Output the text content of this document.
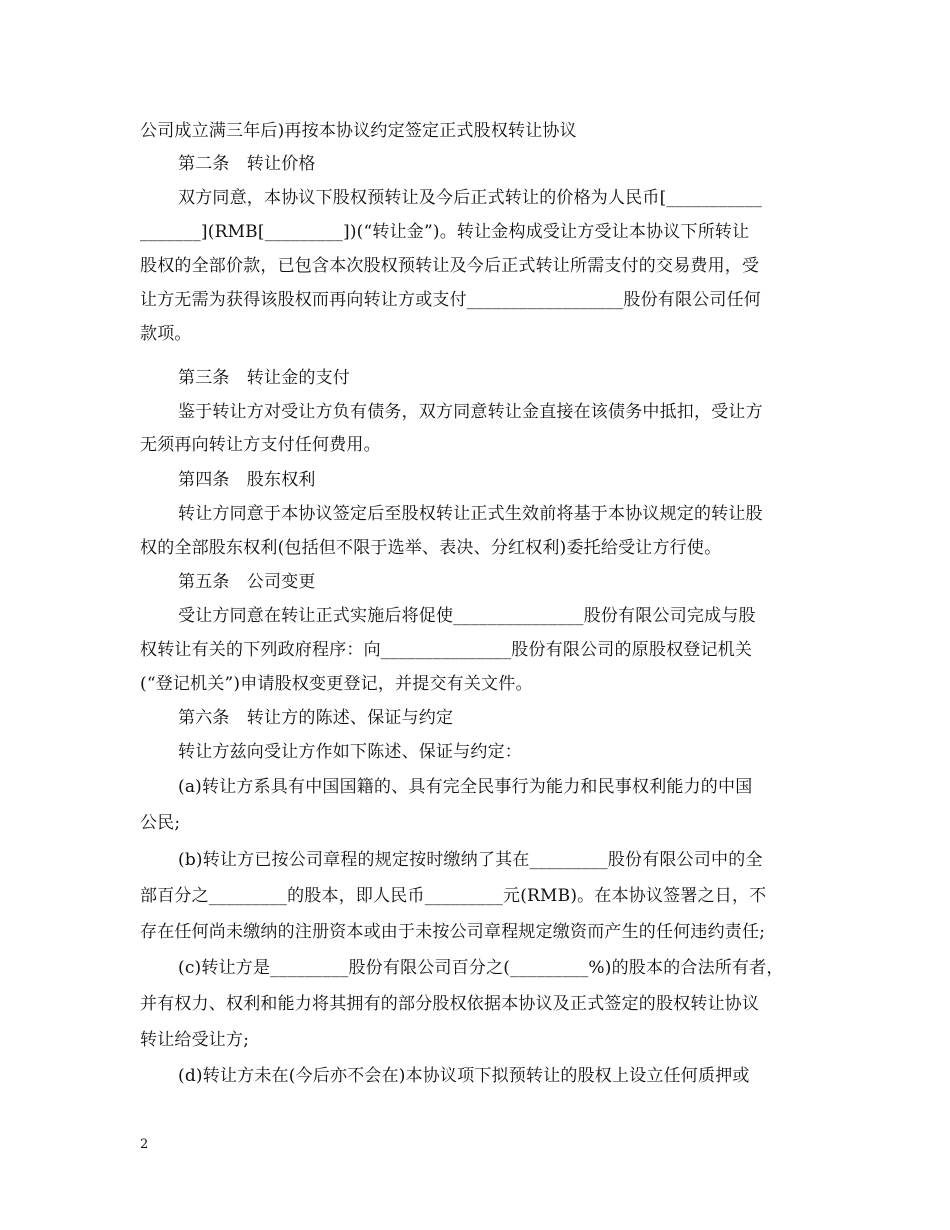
公司成立满三年后)再按本协议约定签定正式股权转让协议
第二条　转让价格
双方同意，本协议下股权预转让及今后正式转让的价格为人民币[___________
_______](RMB[_________])(“转让金”)。转让金构成受让方受让本协议下所转让
股权的全部价款，已包含本次股权预转让及今后正式转让所需支付的交易费用，受
让方无需为获得该股权而再向转让方或支付__________________股份有限公司任何
款项。
第三条　转让金的支付
鉴于转让方对受让方负有债务，双方同意转让金直接在该债务中抵扣，受让方
无须再向转让方支付任何费用。
第四条　股东权利
转让方同意于本协议签定后至股权转让正式生效前将基于本协议规定的转让股
权的全部股东权利(包括但不限于选举、表决、分红权利)委托给受让方行使。
第五条　公司变更
受让方同意在转让正式实施后将促使_______________股份有限公司完成与股
权转让有关的下列政府程序：向_______________股份有限公司的原股权登记机关
(“登记机关”)申请股权变更登记，并提交有关文件。
第六条　转让方的陈述、保证与约定
转让方兹向受让方作如下陈述、保证与约定：
(a)转让方系具有中国国籍的、具有完全民事行为能力和民事权利能力的中国
公民;
(b)转让方已按公司章程的规定按时缴纳了其在_________股份有限公司中的全
部百分之_________的股本，即人民币_________元(RMB)。在本协议签署之日，不
存在任何尚未缴纳的注册资本或由于未按公司章程规定缴资而产生的任何违约责任;
(c)转让方是_________股份有限公司百分之(_________%)的股本的合法所有者，
并有权力、权利和能力将其拥有的部分股权依据本协议及正式签定的股权转让协议
转让给受让方;
(d)转让方未在(今后亦不会在)本协议项下拟预转让的股权上设立任何质押或
2
